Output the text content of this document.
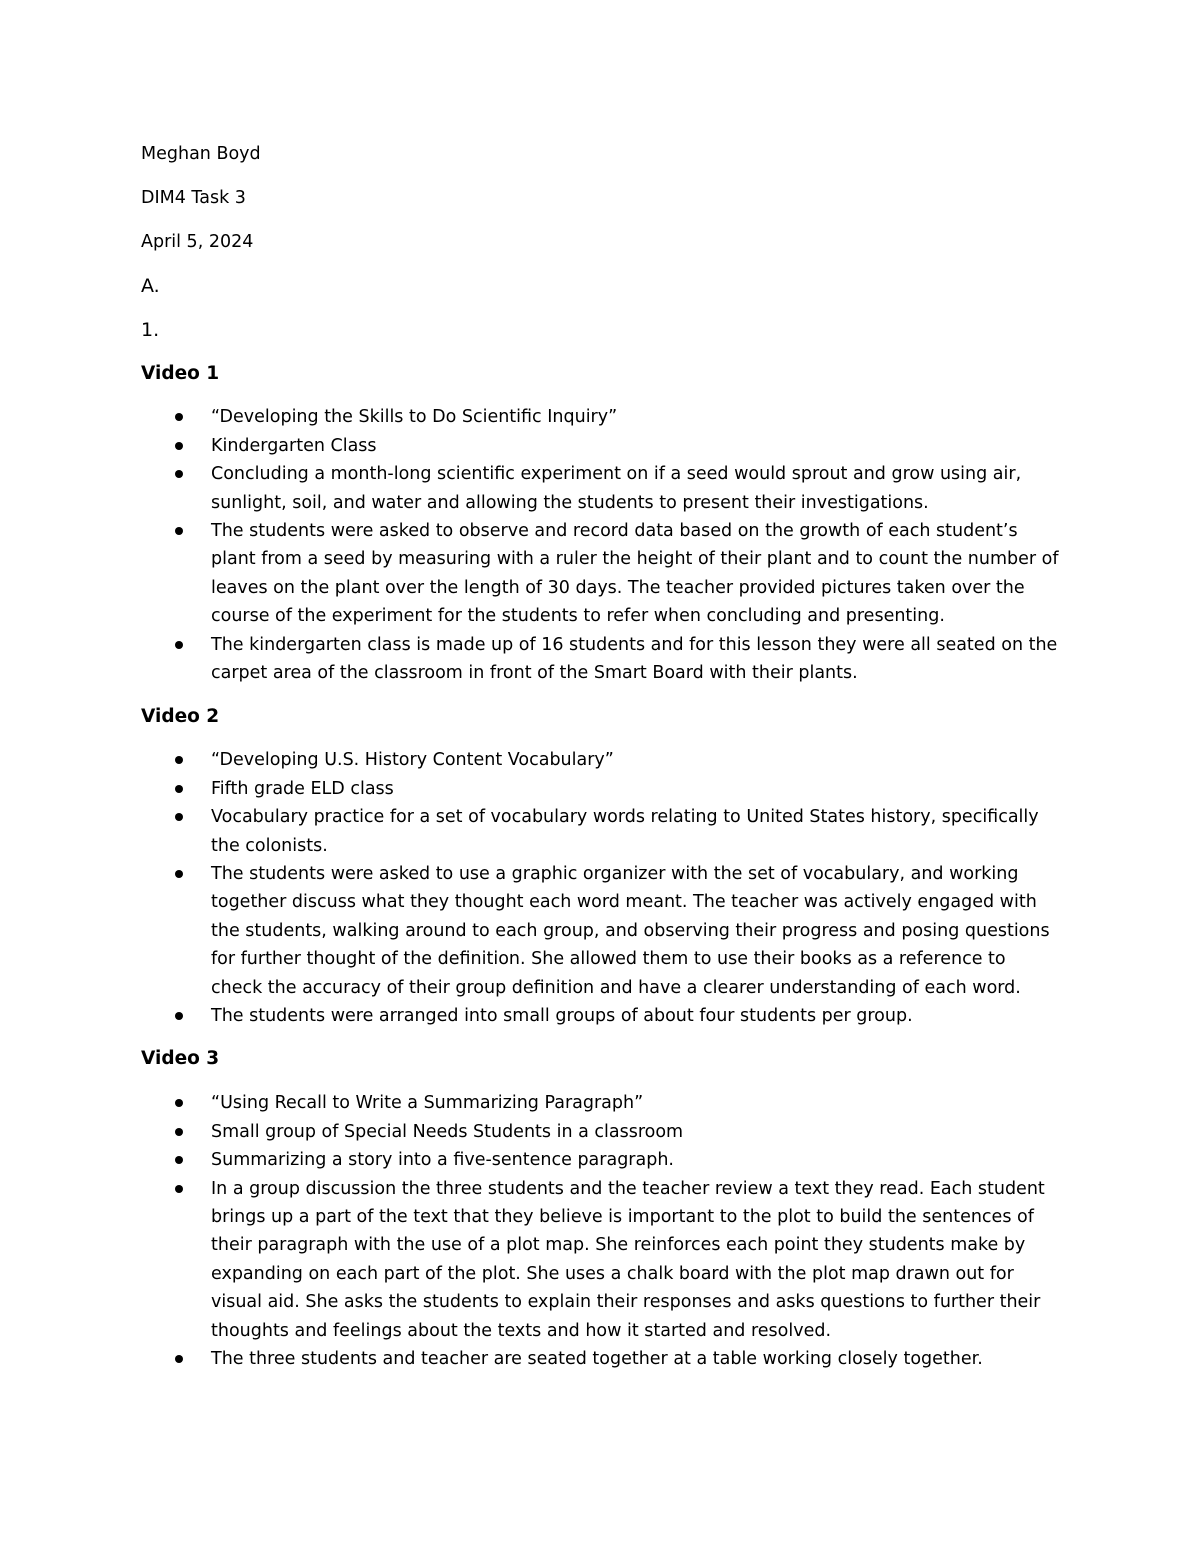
Meghan Boyd
DIM4 Task 3
April 5, 2024
A.
1.
Video 1
“Developing the Skills to Do Scientific Inquiry”
Kindergarten Class
Concluding a month-long scientific experiment on if a seed would sprout and grow using air, sunlight, soil, and water and allowing the students to present their investigations.
The students were asked to observe and record data based on the growth of each student’s plant from a seed by measuring with a ruler the height of their plant and to count the number of leaves on the plant over the length of 30 days. The teacher provided pictures taken over the course of the experiment for the students to refer when concluding and presenting.
The kindergarten class is made up of 16 students and for this lesson they were all seated on the carpet area of the classroom in front of the Smart Board with their plants.
Video 2
“Developing U.S. History Content Vocabulary”
Fifth grade ELD class
Vocabulary practice for a set of vocabulary words relating to United States history, specifically the colonists.
The students were asked to use a graphic organizer with the set of vocabulary, and working together discuss what they thought each word meant. The teacher was actively engaged with the students, walking around to each group, and observing their progress and posing questions for further thought of the definition. She allowed them to use their books as a reference to check the accuracy of their group definition and have a clearer understanding of each word.
The students were arranged into small groups of about four students per group.
Video 3
“Using Recall to Write a Summarizing Paragraph”
Small group of Special Needs Students in a classroom
Summarizing a story into a five-sentence paragraph.
In a group discussion the three students and the teacher review a text they read. Each student brings up a part of the text that they believe is important to the plot to build the sentences of their paragraph with the use of a plot map. She reinforces each point they students make by expanding on each part of the plot. She uses a chalk board with the plot map drawn out for visual aid. She asks the students to explain their responses and asks questions to further their thoughts and feelings about the texts and how it started and resolved.
The three students and teacher are seated together at a table working closely together.
